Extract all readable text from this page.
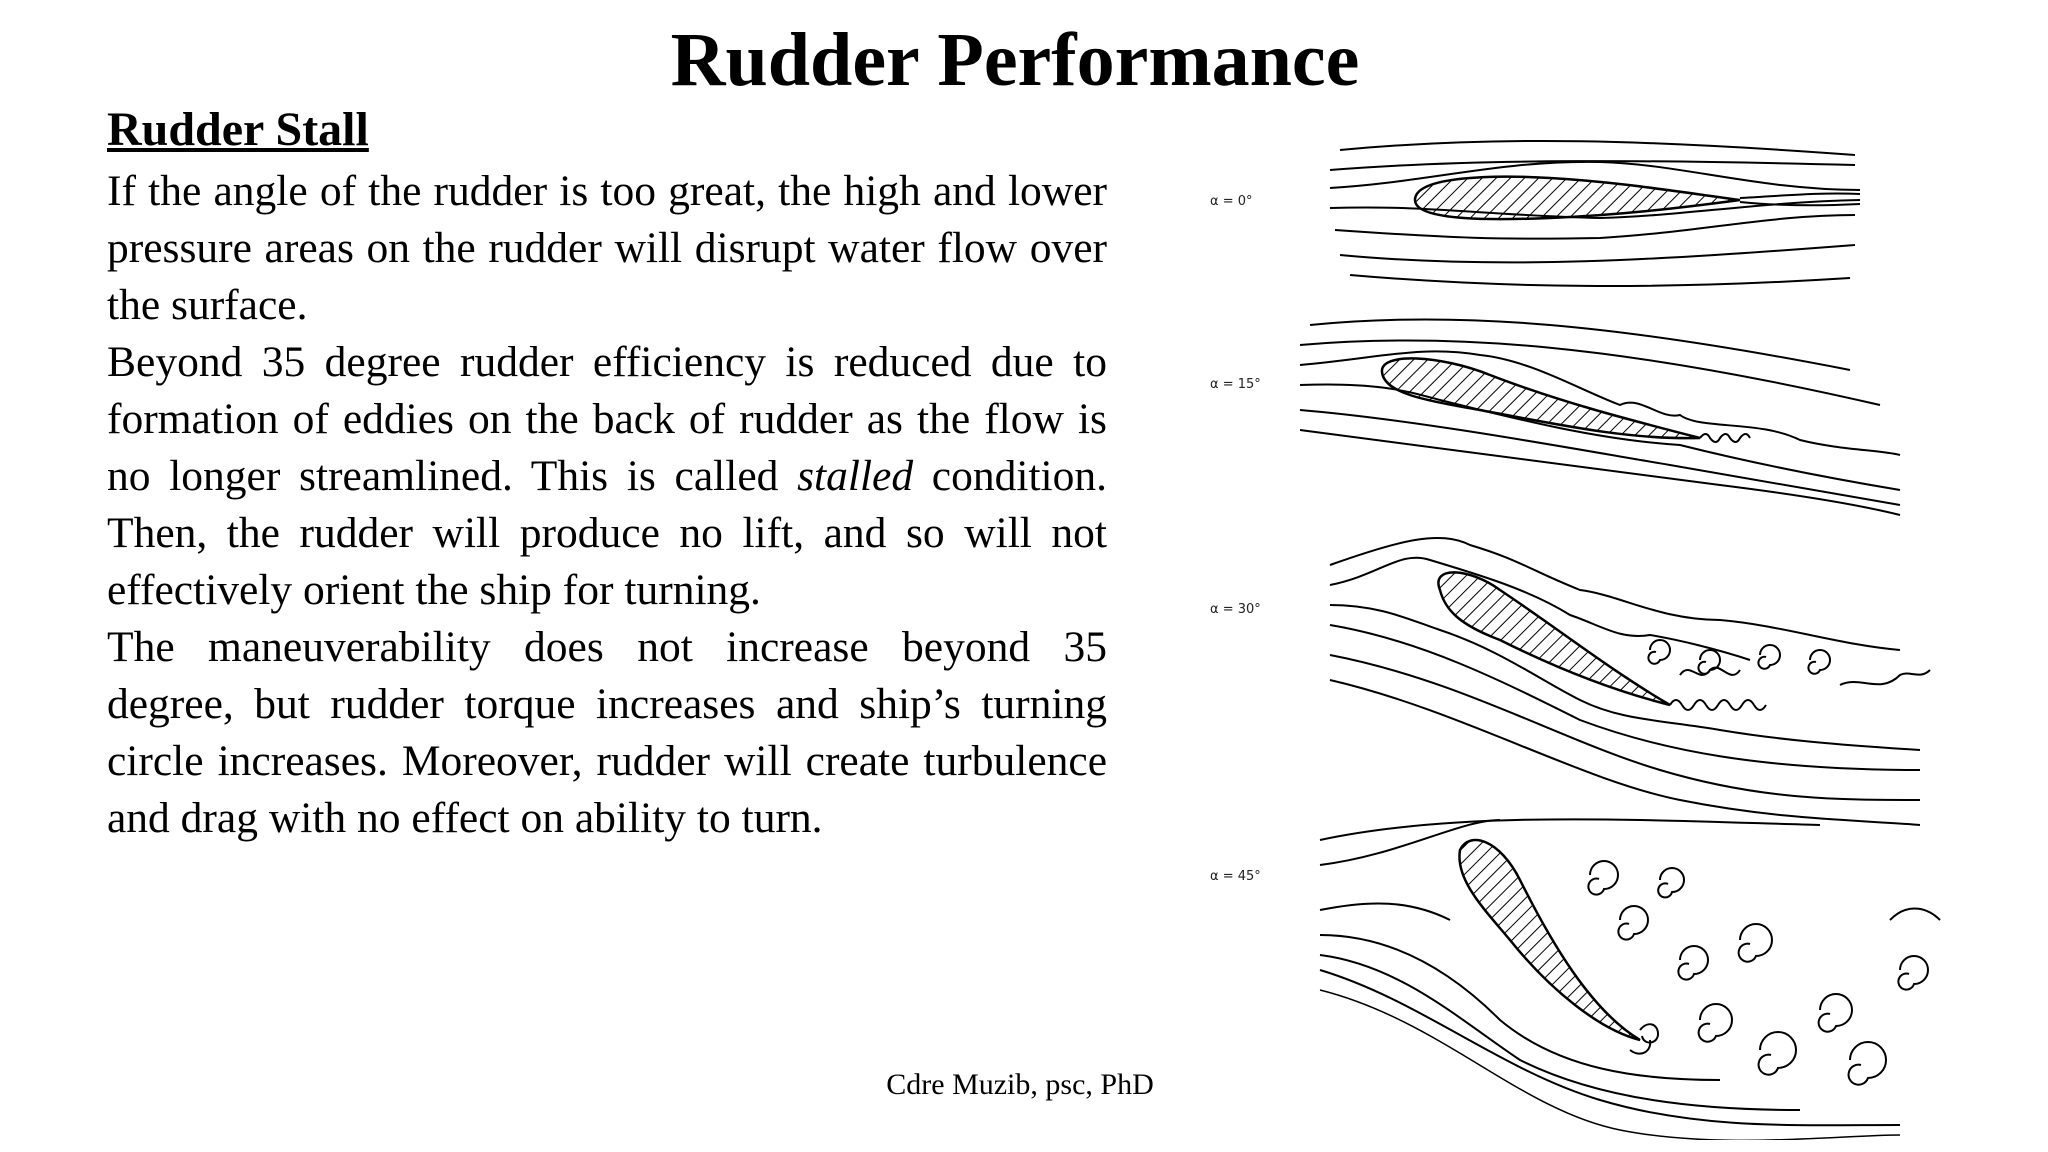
Rudder Performance
Rudder Stall

If the angle of the rudder is too great, the high and lower pressure areas on the rudder will disrupt water flow over the surface.

Beyond 35 degree rudder efficiency is reduced due to formation of eddies on the back of rudder as the flow is no longer streamlined. This is called stalled condition. Then, the rudder will produce no lift, and so will not effectively orient the ship for turning.

The maneuverability does not increase beyond 35 degree, but rudder torque increases and ship’s turning circle increases. Moreover, rudder will create turbulence and drag with no effect on ability to turn.

α = 0°
α = 15°
α = 30°
α = 45°
Cdre Muzib, psc, PhD
